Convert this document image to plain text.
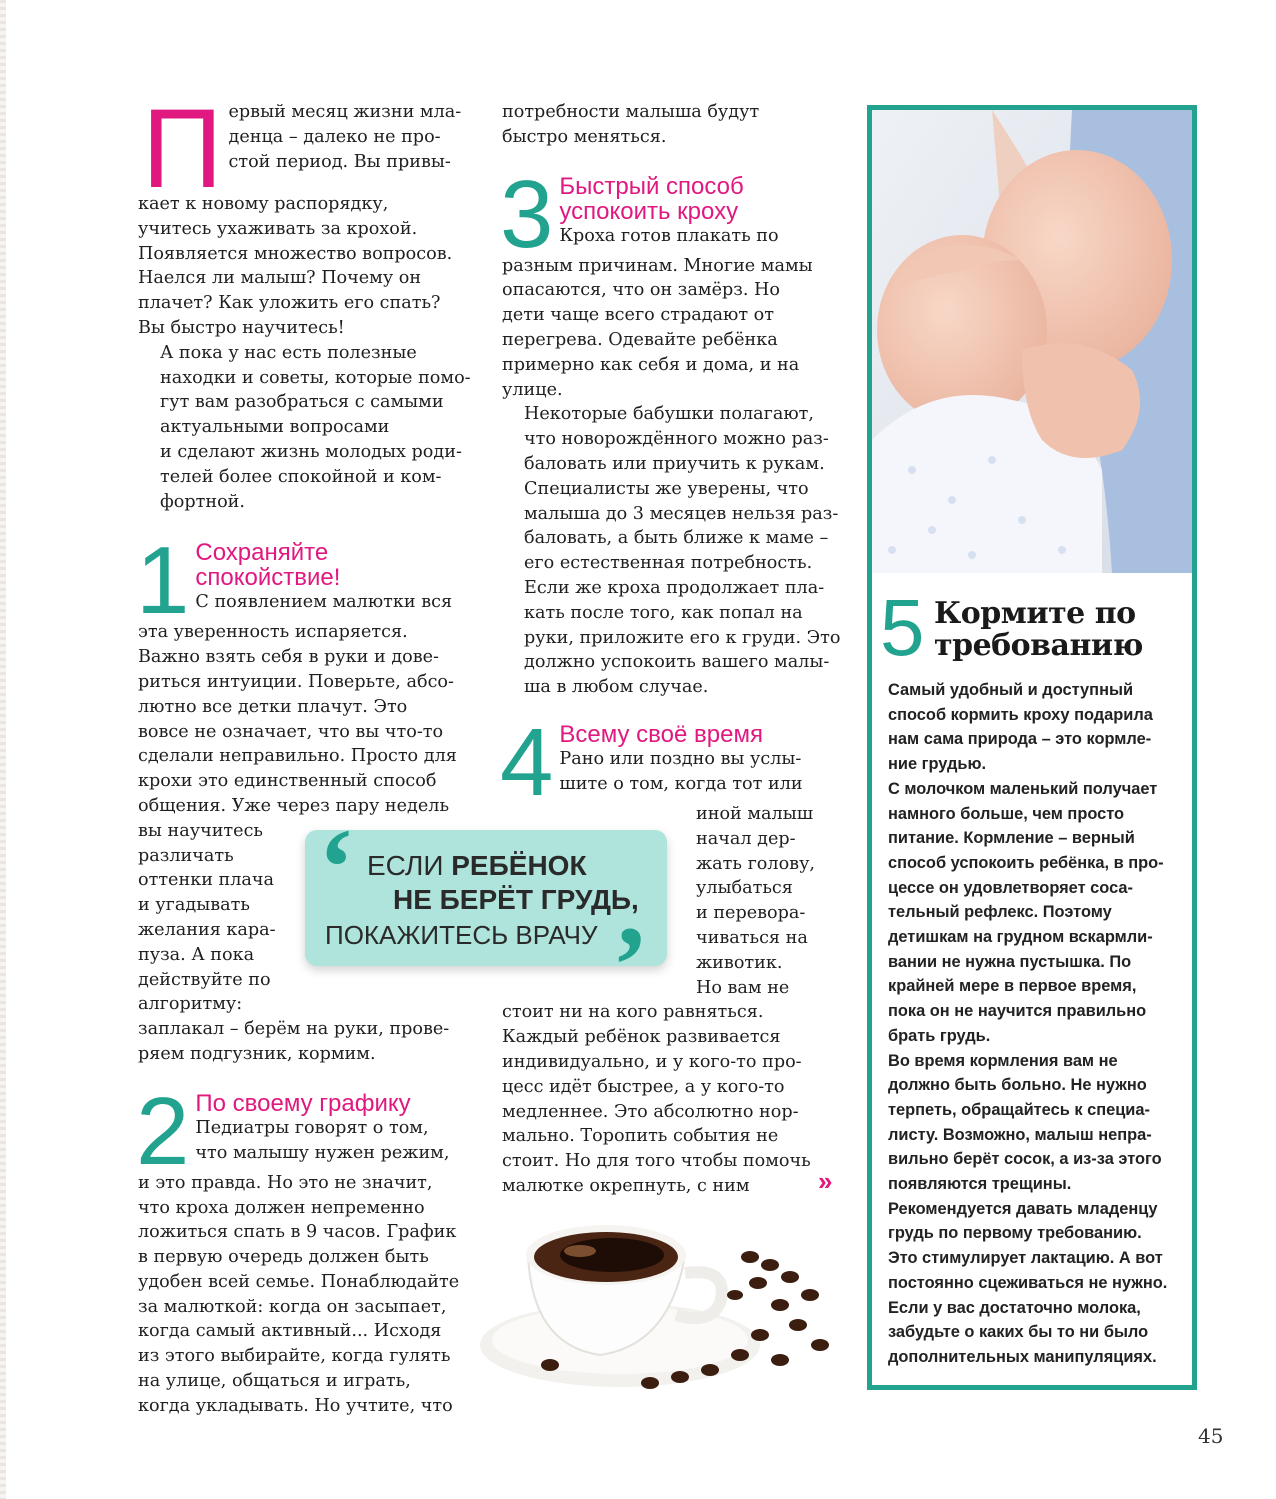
П ервый месяц жизни мла-
денца – далеко не про-
стой период. Вы привы-
кает к новому распорядку,
учитесь ухаживать за крохой.
Появляется множество вопросов.
Наелся ли малыш? Почему он
плачет? Как уложить его спать?
Вы быстро научитесь!
А пока у нас есть полезные
находки и советы, которые помо-
гут вам разобраться с самыми
актуальными вопросами
и сделают жизнь молодых роди-
телей более спокойной и ком-
фортной.
1 Сохраняйте
спокойствие!
С появлением малютки вся
эта уверенность испаряется.
Важно взять себя в руки и дове-
риться интуиции. Поверьте, абсо-
лютно все детки плачут. Это
вовсе не означает, что вы что-то
сделали неправильно. Просто для
крохи это единственный способ
общения. Уже через пару недель
вы научитесь
различать
оттенки плача
и угадывать
желания кара-
пуза. А пока
действуйте по
алгоритму:
заплакал – берём на руки, прове-
ряем подгузник, кормим.
2 По своему графику
Педиатры говорят о том,
что малышу нужен режим,
и это правда. Но это не значит,
что кроха должен непременно
ложиться спать в 9 часов. График
в первую очередь должен быть
удобен всей семье. Понаблюдайте
за малюткой: когда он засыпает,
когда самый активный... Исходя
из этого выбирайте, когда гулять
на улице, общаться и играть,
когда укладывать. Но учтите, что
потребности малыша будут
быстро меняться.
3 Быстрый способ
успокоить кроху
Кроха готов плакать по
разным причинам. Многие мамы
опасаются, что он замёрз. Но
дети чаще всего страдают от
перегрева. Одевайте ребёнка
примерно как себя и дома, и на
улице.
Некоторые бабушки полагают,
что новорождённого можно раз-
баловать или приучить к рукам.
Специалисты же уверены, что
малыша до 3 месяцев нельзя раз-
баловать, а быть ближе к маме –
его естественная потребность.
Если же кроха продолжает пла-
кать после того, как попал на
руки, приложите его к груди. Это
должно успокоить вашего малы-
ша в любом случае.
4 Всему своё время
Рано или поздно вы услы-
шите о том, когда тот или
иной малыш
начал дер-
жать голову,
улыбаться
и перевора-
чиваться на
животик.
Но вам не
стоит ни на кого равняться.
Каждый ребёнок развивается
индивидуально, и у кого-то про-
цесс идёт быстрее, а у кого-то
медленнее. Это абсолютно нор-
мально. Торопить события не
стоит. Но для того чтобы помочь
малютке окрепнуть, с ним	»
ЕСЛИ РЕБЁНОК
НЕ БЕРЁТ ГРУДЬ,
ПОКАЖИТЕСЬ ВРАЧУ
‘
’
5 Кормите по
требованию
Самый удобный и доступный
способ кормить кроху подарила
нам сама природа – это кормле-
ние грудью.
С молочком маленький получает
намного больше, чем просто
питание. Кормление – верный
способ успокоить ребёнка, в про-
цессе он удовлетворяет соса-
тельный рефлекс. Поэтому
детишкам на грудном вскармли-
вании не нужна пустышка. По
крайней мере в первое время,
пока он не научится правильно
брать грудь.
Во время кормления вам не
должно быть больно. Не нужно
терпеть, обращайтесь к специа-
листу. Возможно, малыш непра-
вильно берёт сосок, а из-за этого
появляются трещины.
Рекомендуется давать младенцу
грудь по первому требованию.
Это стимулирует лактацию. А вот
постоянно сцеживаться не нужно.
Если у вас достаточно молока,
забудьте о каких бы то ни было
дополнительных манипуляциях.
45
